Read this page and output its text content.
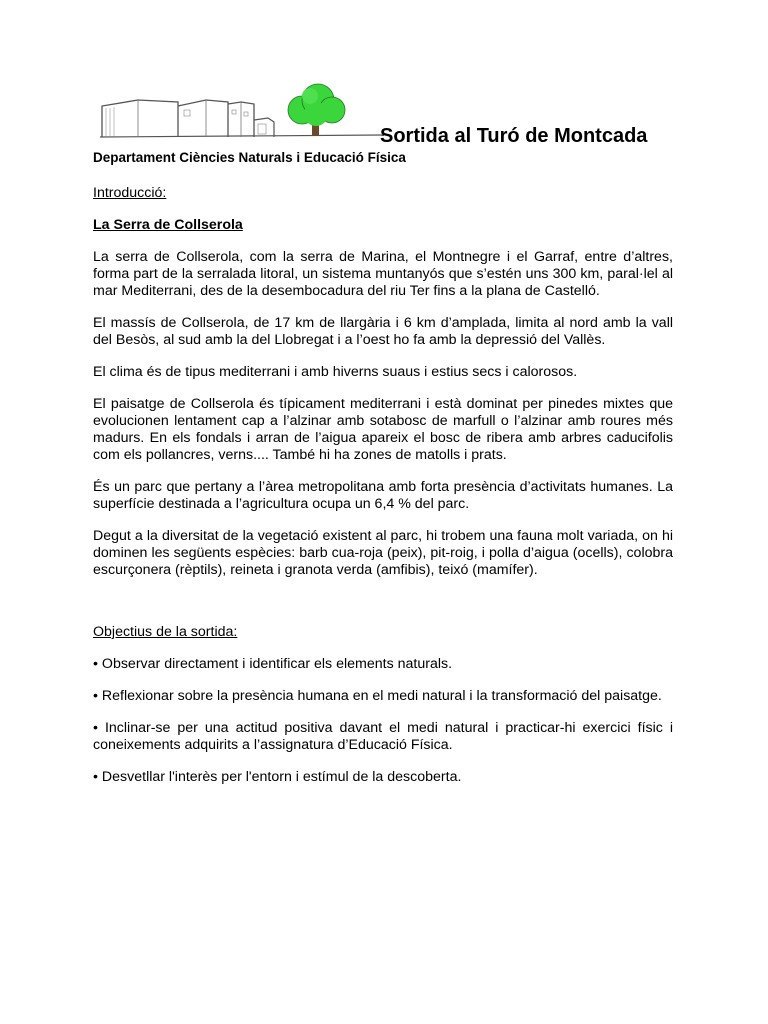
Sortida al Turó de Montcada
Departament Ciències Naturals i Educació Física

Introducció:

La Serra de Collserola

La serra de Collserola, com la serra de Marina, el Montnegre i el Garraf, entre d’altres, forma part de la serralada litoral, un sistema muntanyós que s’estén uns 300 km, paral·lel al mar Mediterrani, des de la desembocadura del riu Ter fins a la plana de Castelló.

El massís de Collserola, de 17 km de llargària i 6 km d’amplada, limita al nord amb la vall del Besòs, al sud amb la del Llobregat i a l’oest ho fa amb la depressió del Vallès.

El clima és de tipus mediterrani i amb hiverns suaus i estius secs i calorosos.

El paisatge de Collserola és típicament mediterrani i està dominat per pinedes mixtes que evolucionen lentament cap a l’alzinar amb sotabosc de marfull o l’alzinar amb roures més madurs. En els fondals i arran de l’aigua apareix el bosc de ribera amb arbres caducifolis com els pollancres, verns.... També hi ha zones de matolls i prats.

És un parc que pertany a l’àrea metropolitana amb forta presència d’activitats humanes. La superfície destinada a l’agricultura ocupa un 6,4 % del parc.

Degut a la diversitat de la vegetació existent al parc, hi trobem una fauna molt variada, on hi dominen les següents espècies: barb cua-roja (peix), pit-roig, i polla d’aigua (ocells), colobra escurçonera (rèptils), reineta i granota verda (amfibis), teixó (mamífer).

Objectius de la sortida:

• Observar directament i identificar els elements naturals.

• Reflexionar sobre la presència humana en el medi natural i la transformació del paisatge.

• Inclinar-se per una actitud positiva davant el medi natural i practicar-hi exercici físic i coneixements adquirits a l’assignatura d’Educació Física.

• Desvetllar l'interès per l'entorn i estímul de la descoberta.
